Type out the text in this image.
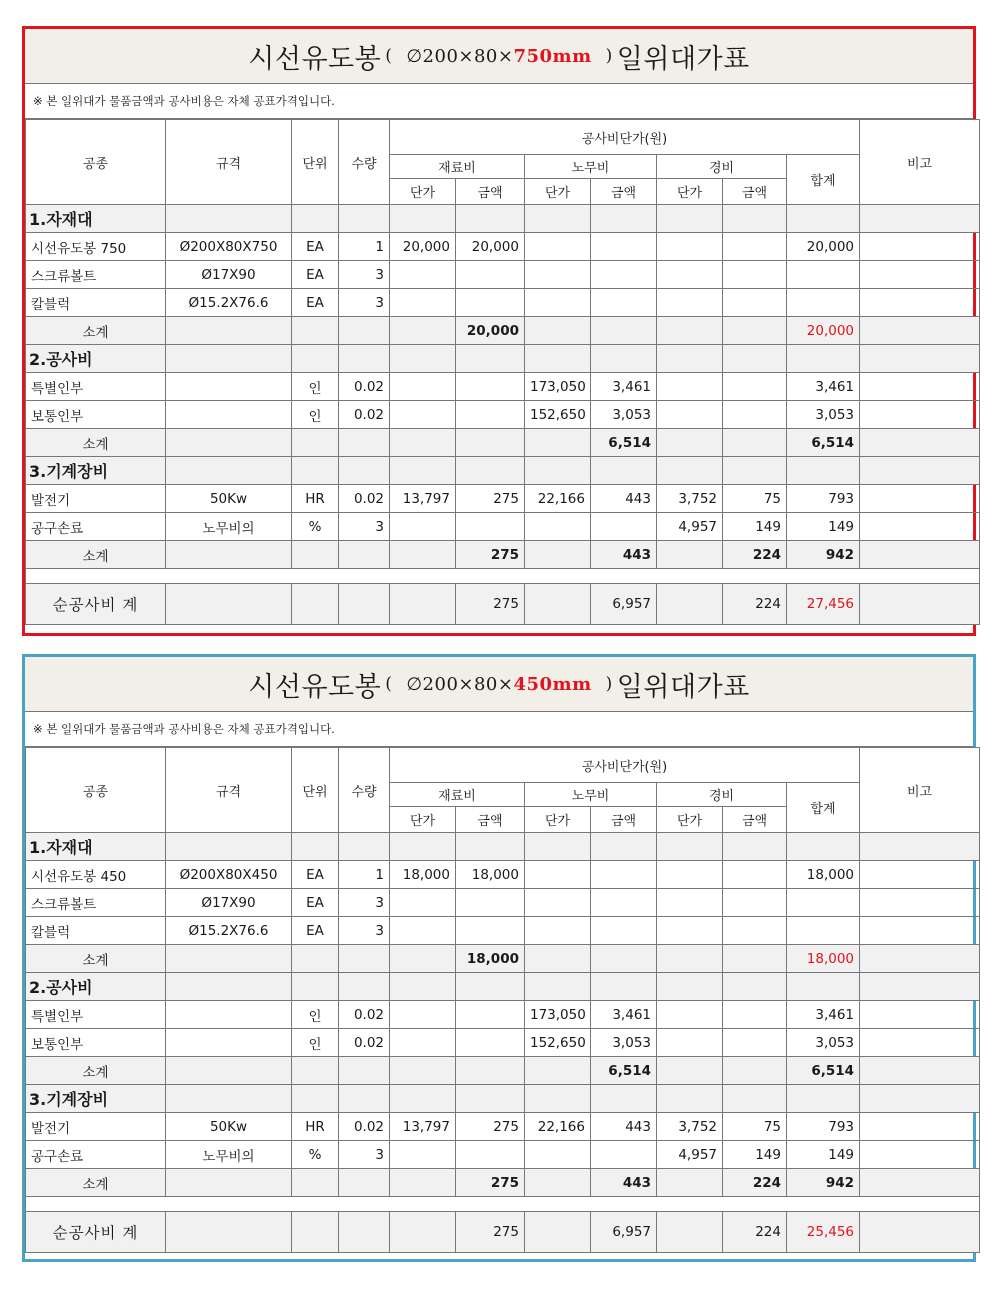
시선유도봉 ( ∅200×80×750mm ) 일위대가표
※ 본 일위대가 물품금액과 공사비용은 자체 공표가격입니다.
공종	규격	단위	수량	공사비단가(원)							비고
				재료비		노무비		경비		합계	
				단가	금액	단가	금액	단가	금액		
1.자재대											
시선유도봉 750	Ø200X80X750	EA	1	20,000	20,000					20,000	
스크류볼트	Ø17X90	EA	3								
칼블럭	Ø15.2X76.6	EA	3								
소계					20,000					20,000	
2.공사비											
특별인부		인	0.02			173,050	3,461			3,461	
보통인부		인	0.02			152,650	3,053			3,053	
소계							6,514			6,514	
3.기계장비											
발전기	50Kw	HR	0.02	13,797	275	22,166	443	3,752	75	793	
공구손료	노무비의	%	3					4,957	149	149	
소계					275		443		224	942	

순공사비 계					275		6,957		224	27,456	
시선유도봉 ( ∅200×80×450mm ) 일위대가표
※ 본 일위대가 물품금액과 공사비용은 자체 공표가격입니다.
공종	규격	단위	수량	공사비단가(원)							비고
				재료비		노무비		경비		합계	
				단가	금액	단가	금액	단가	금액		
1.자재대											
시선유도봉 450	Ø200X80X450	EA	1	18,000	18,000					18,000	
스크류볼트	Ø17X90	EA	3								
칼블럭	Ø15.2X76.6	EA	3								
소계					18,000					18,000	
2.공사비											
특별인부		인	0.02			173,050	3,461			3,461	
보통인부		인	0.02			152,650	3,053			3,053	
소계							6,514			6,514	
3.기계장비											
발전기	50Kw	HR	0.02	13,797	275	22,166	443	3,752	75	793	
공구손료	노무비의	%	3					4,957	149	149	
소계					275		443		224	942	

순공사비 계					275		6,957		224	25,456	
